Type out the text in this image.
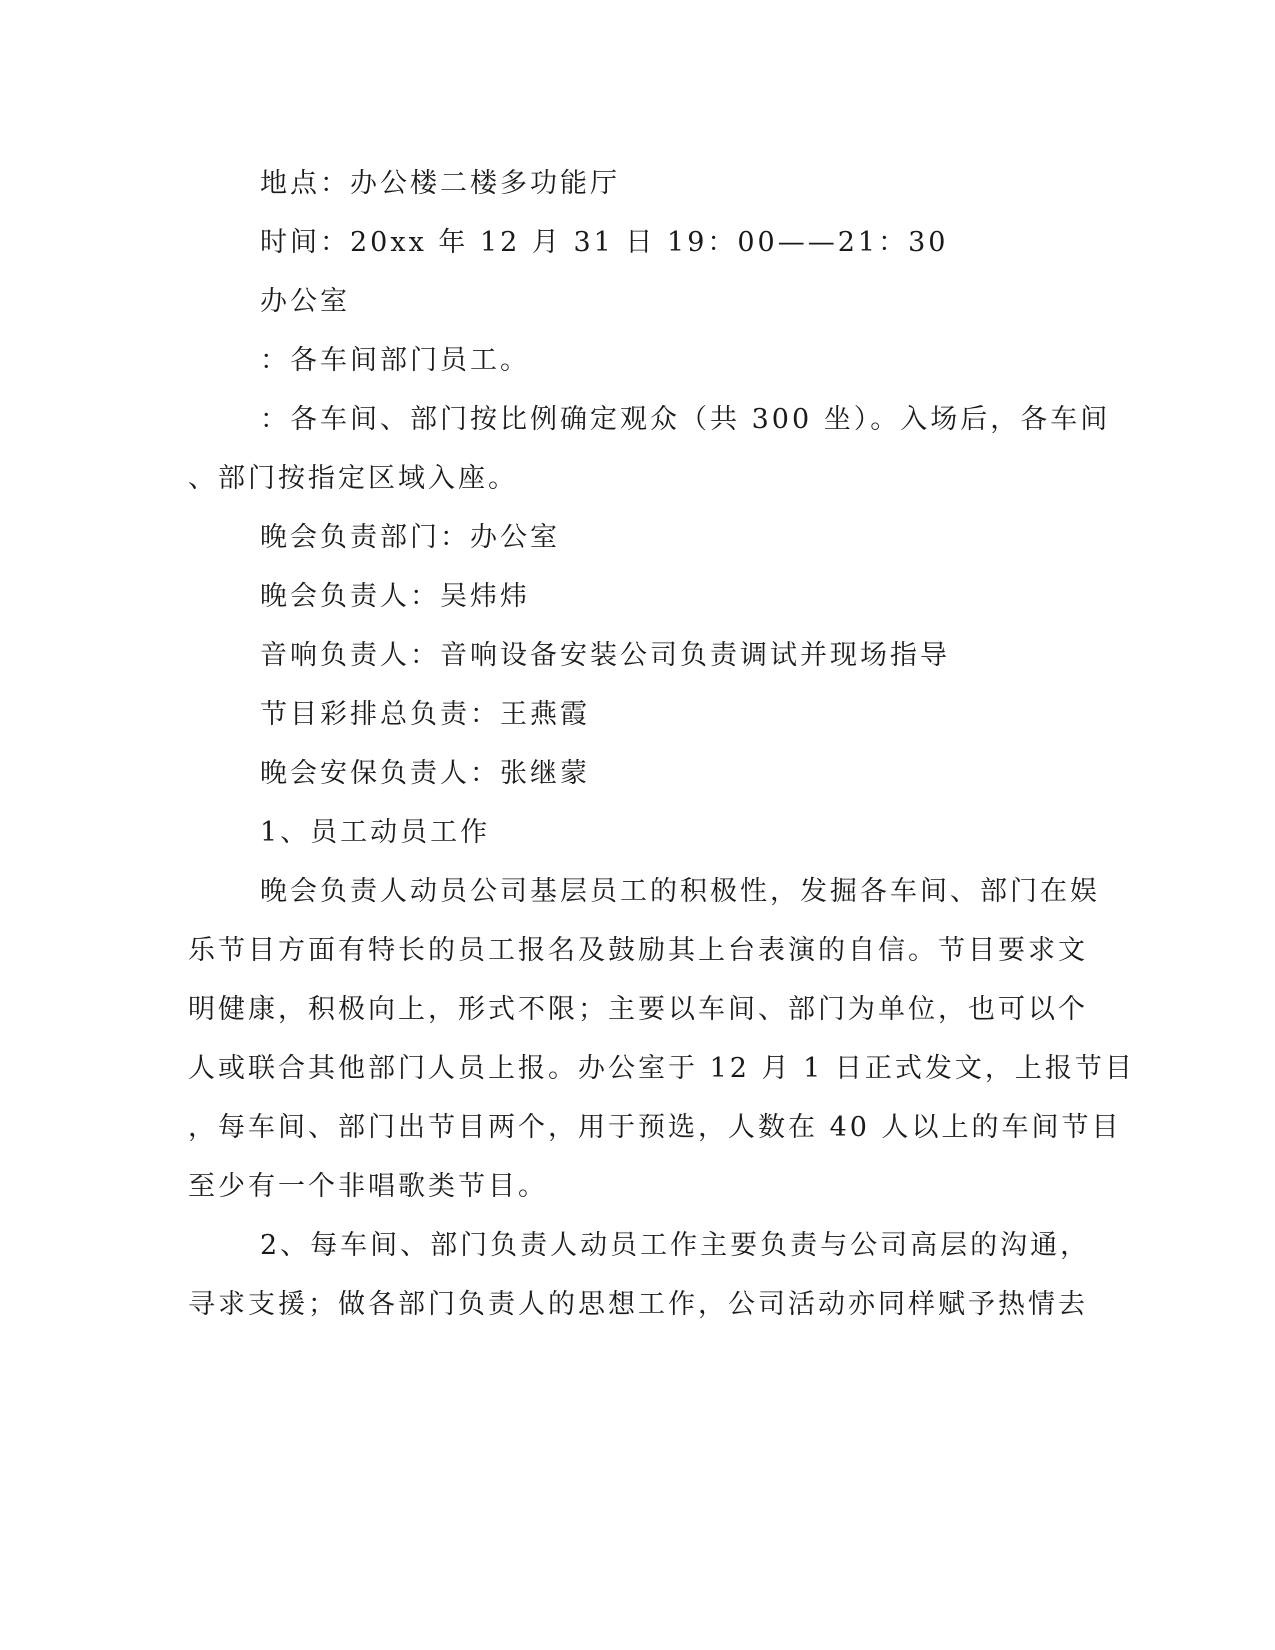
地点：办公楼二楼多功能厅
时间：20xx 年 12 月 31 日 19：00——21：30
办公室
：各车间部门员工。
：各车间、部门按比例确定观众（共 300 坐）。入场后，各车间
、部门按指定区域入座。
晚会负责部门：办公室
晚会负责人：吴炜炜
音响负责人：音响设备安装公司负责调试并现场指导
节目彩排总负责：王燕霞
晚会安保负责人：张继蒙
1、员工动员工作
晚会负责人动员公司基层员工的积极性，发掘各车间、部门在娱
乐节目方面有特长的员工报名及鼓励其上台表演的自信。节目要求文
明健康，积极向上，形式不限；主要以车间、部门为单位，也可以个
人或联合其他部门人员上报。办公室于 12 月 1 日正式发文，上报节目
，每车间、部门出节目两个，用于预选，人数在 40 人以上的车间节目
至少有一个非唱歌类节目。
2、每车间、部门负责人动员工作主要负责与公司高层的沟通，
寻求支援；做各部门负责人的思想工作，公司活动亦同样赋予热情去
